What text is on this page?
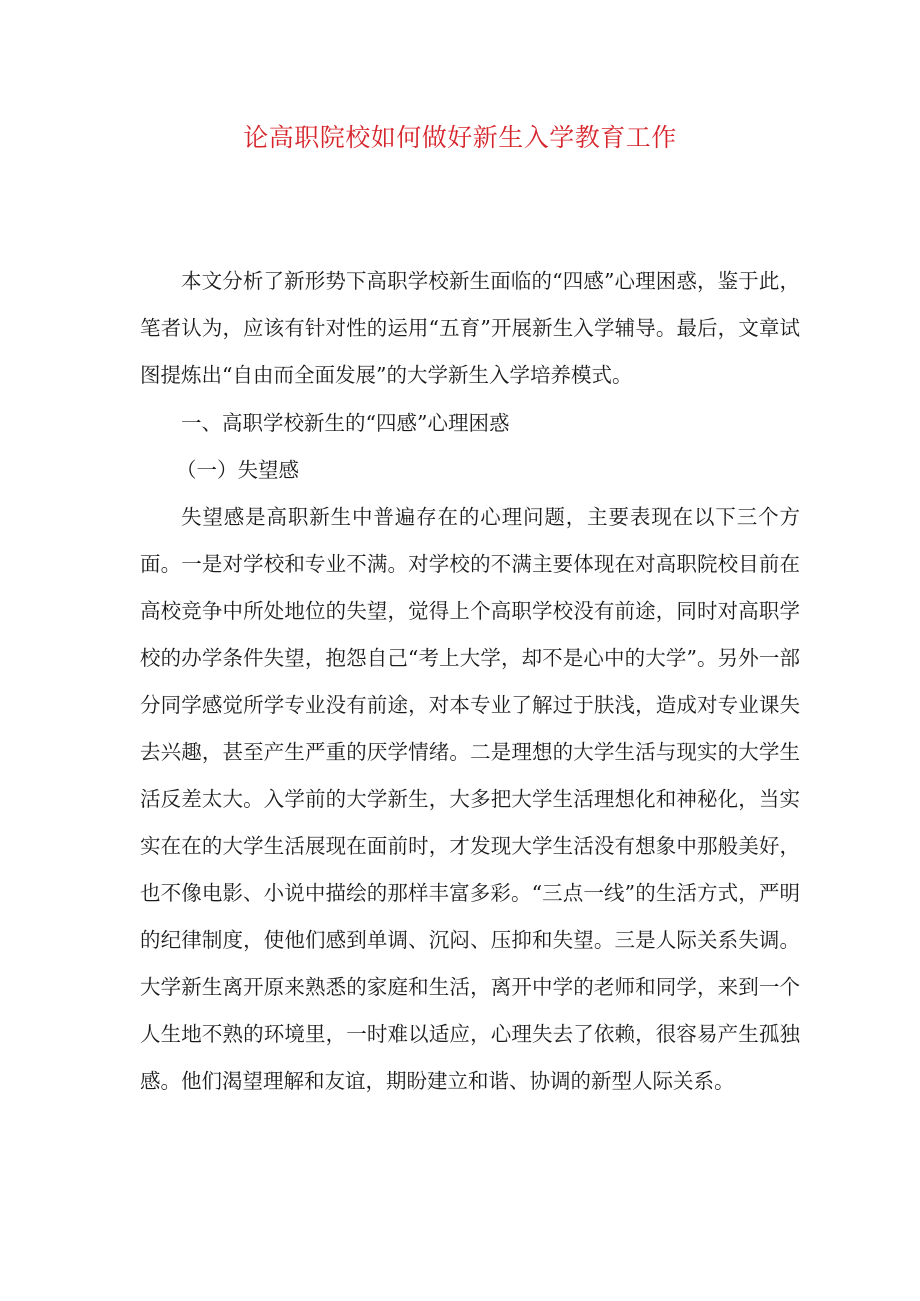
论高职院校如何做好新生入学教育工作

本文分析了新形势下高职学校新生面临的“四感”心理困惑，鉴于此，笔者认为，应该有针对性的运用“五育”开展新生入学辅导。最后，文章试图提炼出“自由而全面发展”的大学新生入学培养模式。

一、高职学校新生的“四感”心理困惑

（一）失望感

失望感是高职新生中普遍存在的心理问题，主要表现在以下三个方面。一是对学校和专业不满。对学校的不满主要体现在对高职院校目前在高校竞争中所处地位的失望，觉得上个高职学校没有前途，同时对高职学校的办学条件失望，抱怨自己“考上大学，却不是心中的大学”。另外一部分同学感觉所学专业没有前途，对本专业了解过于肤浅，造成对专业课失去兴趣，甚至产生严重的厌学情绪。二是理想的大学生活与现实的大学生活反差太大。入学前的大学新生，大多把大学生活理想化和神秘化，当实实在在的大学生活展现在面前时，才发现大学生活没有想象中那般美好，也不像电影、小说中描绘的那样丰富多彩。“三点一线”的生活方式，严明的纪律制度，使他们感到单调、沉闷、压抑和失望。三是人际关系失调。大学新生离开原来熟悉的家庭和生活，离开中学的老师和同学，来到一个人生地不熟的环境里，一时难以适应，心理失去了依赖，很容易产生孤独感。他们渴望理解和友谊，期盼建立和谐、协调的新型人际关系。
